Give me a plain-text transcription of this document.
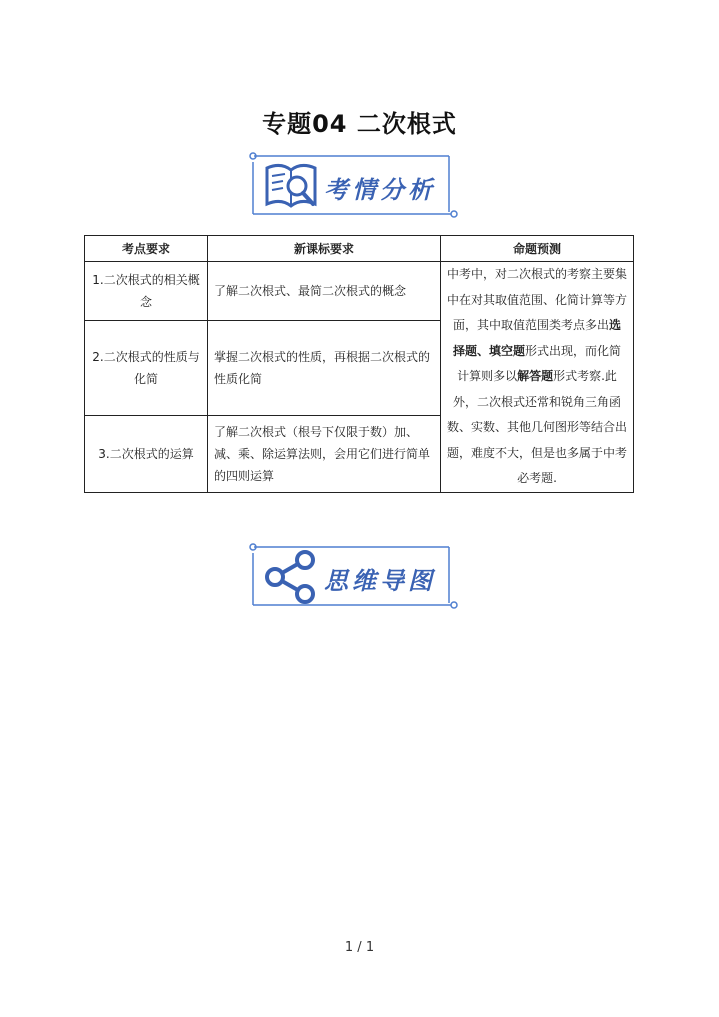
专题04 二次根式
考情分析
考点要求	新课标要求	命题预测
1.二次根式的相关概念	了解二次根式、最简二次根式的概念	中考中，对二次根式的考察主要集中在对其取值范围、化简计算等方面，其中取值范围类考点多出选择题、填空题形式出现，而化简计算则多以解答题形式考察.此外，二次根式还常和锐角三角函数、实数、其他几何图形等结合出题，难度不大，但是也多属于中考必考题.
2.二次根式的性质与化简	掌握二次根式的性质，再根据二次根式的性质化简	
3.二次根式的运算	了解二次根式（根号下仅限于数）加、减、乘、除运算法则，会用它们进行简单的四则运算	
思维导图
1 / 1
